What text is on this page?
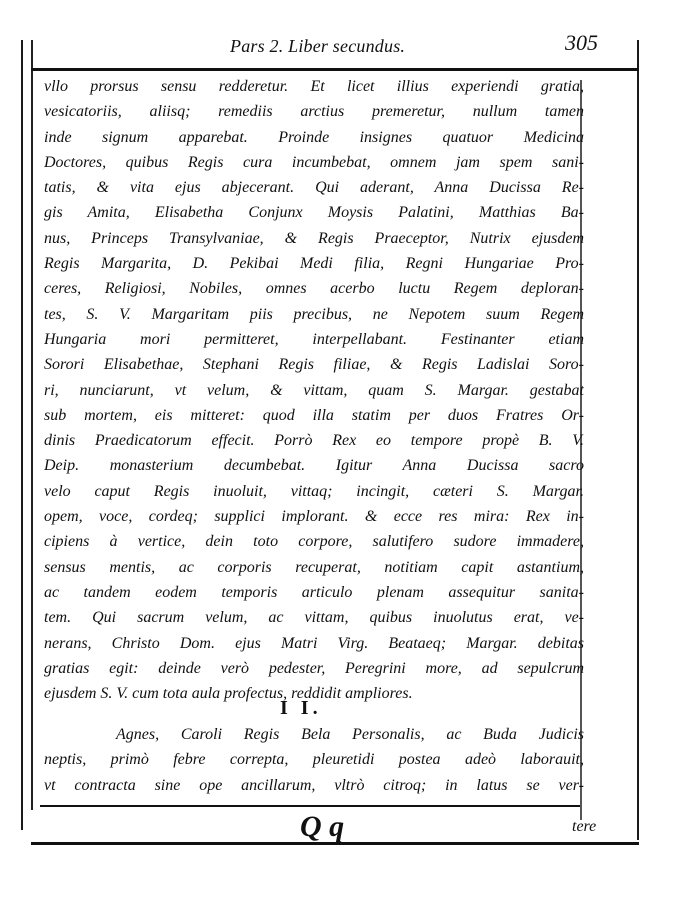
Pars 2. Liber secundus.	305
vllo prorsus sensu redderetur. Et licet illius experiendi gratia,
vesicatoriis, aliisq; remediis arctius premeretur, nullum tamen
inde signum apparebat. Proinde insignes quatuor Medicina
Doctores, quibus Regis cura incumbebat, omnem jam spem sani-
tatis, & vita ejus abjecerant. Qui aderant, Anna Ducissa Re-
gis Amita, Elisabetha Conjunx Moysis Palatini, Matthias Ba-
nus, Princeps Transylvaniae, & Regis Praeceptor, Nutrix ejusdem
Regis Margarita, D. Pekibai Medi filia, Regni Hungariae Pro-
ceres, Religiosi, Nobiles, omnes acerbo luctu Regem deploran-
tes, S. V. Margaritam piis precibus, ne Nepotem suum Regem
Hungaria mori permitteret, interpellabant. Festinanter etiam
Sorori Elisabethae, Stephani Regis filiae, & Regis Ladislai Soro-
ri, nunciarunt, vt velum, & vittam, quam S. Margar. gestabat
sub mortem, eis mitteret: quod illa statim per duos Fratres Or-
dinis Praedicatorum effecit. Porrò Rex eo tempore propè B. V.
Deip. monasterium decumbebat. Igitur Anna Ducissa sacro
velo caput Regis inuoluit, vittaq; incingit, cæteri S. Margar.
opem, voce, cordeq; supplici implorant. & ecce res mira: Rex in-
cipiens à vertice, dein toto corpore, salutifero sudore immadere,
sensus mentis, ac corporis recuperat, notitiam capit astantium,
ac tandem eodem temporis articulo plenam assequitur sanita-
tem. Qui sacrum velum, ac vittam, quibus inuolutus erat, ve-
nerans, Christo Dom. ejus Matri Virg. Beataeq; Margar. debitas
gratias egit: deinde verò pedester, Peregrini more, ad sepulcrum
ejusdem S. V. cum tota aula profectus, reddidit ampliores.
I I.
Agnes, Caroli Regis Bela Personalis, ac Buda Judicis
neptis, primò febre correpta, pleuretidi postea adeò laborauit,
vt contracta sine ope ancillarum, vltrò citroq; in latus se ver-
Q q	tere
